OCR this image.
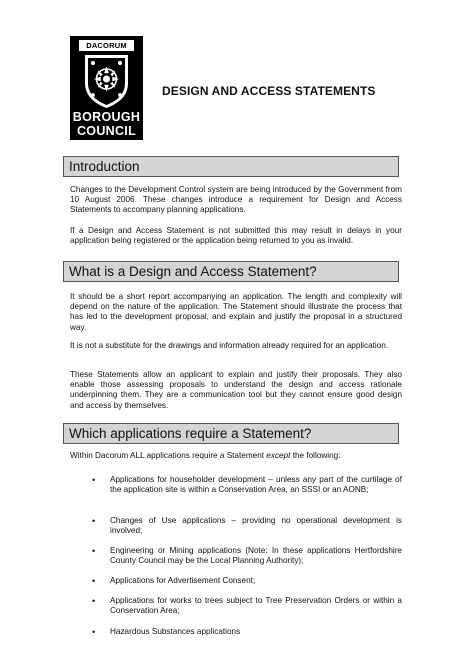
DACORUM
BOROUGH
COUNCIL
DESIGN AND ACCESS STATEMENTS
Introduction
Changes to the Development Control system are being introduced by the Government from 10 August 2006. These changes introduce a requirement for Design and Access Statements to accompany planning applications.
If a Design and Access Statement is not submitted this may result in delays in your application being registered or the application being returned to you as invalid.
What is a Design and Access Statement?
It should be a short report accompanying an application. The length and complexity will depend on the nature of the application. The Statement should illustrate the process that has led to the development proposal, and explain and justify the proposal in a structured way.
It is not a substitute for the drawings and information already required for an application.
These Statements allow an applicant to explain and justify their proposals. They also enable those assessing proposals to understand the design and access rationale underpinning them. They are a communication tool but they cannot ensure good design and access by themselves.
Which applications require a Statement?
Within Dacorum ALL applications require a Statement except the following:
• Applications for householder development – unless any part of the curtilage of the application site is within a Conservation Area, an SSSI or an AONB;
• Changes of Use applications – providing no operational development is involved;
• Engineering or Mining applications (Note: In these applications Hertfordshire County Council may be the Local Planning Authority);
• Applications for Advertisement Consent;
• Applications for works to trees subject to Tree Preservation Orders or within a Conservation Area;
• Hazardous Substances applications
